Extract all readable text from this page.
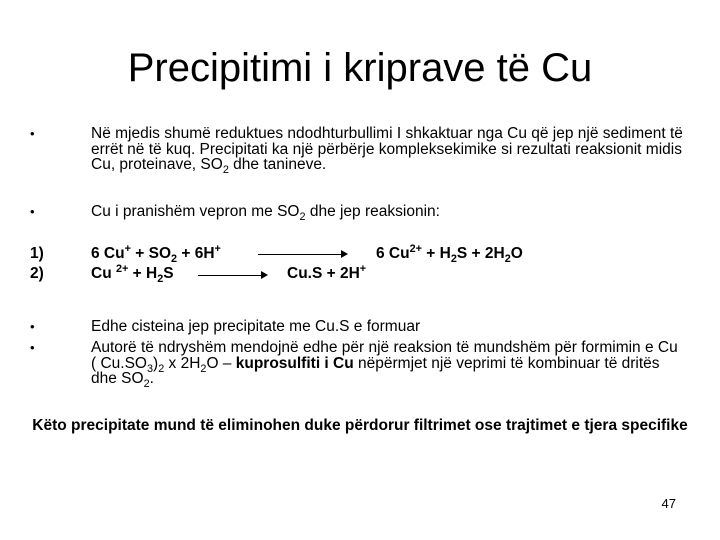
Precipitimi i kriprave të Cu
•	Në mjedis shumë reduktues ndodhturbullimi I shkaktuar nga Cu që jep një sediment të errët në të kuq. Precipitati ka një përbërje kompleksekimike si rezultati reaksionit midis Cu, proteinave, $SO_2$ dhe tanineve.
•	Cu i pranishëm vepron me $SO_2$ dhe jep reaksionin:
1)	6 $Cu^+ + SO_2 + 6H^+$	6 $Cu^{2+} + H_2S + 2H_2O$
2)	Cu $^{2+} + H_2S$	Cu.S + 2H+
•	Edhe cisteina jep precipitate me Cu.S e formuar
•	Autorë të ndryshëm mendojnë edhe për një reaksion të mundshëm për formimin e Cu ( $Cu.SO_3)_2$ x $2H_2O$ – kuprosulfiti i Cu nëpërmjet një veprimi të kombinuar të dritës dhe $SO_2$.
Këto precipitate mund të eliminohen duke përdorur filtrimet ose trajtimet e tjera specifike
47
